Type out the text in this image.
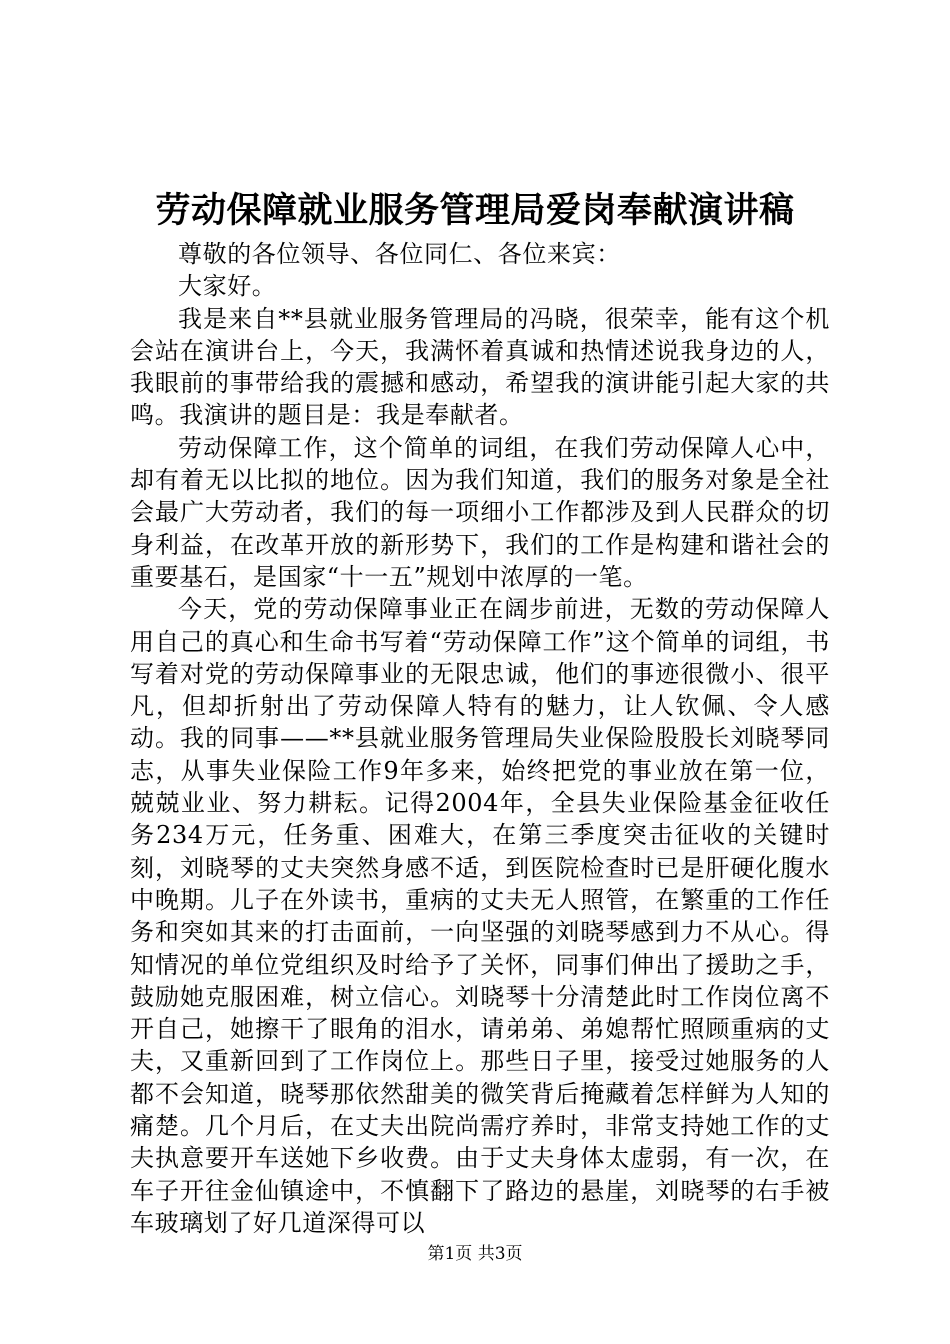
劳动保障就业服务管理局爱岗奉献演讲稿

尊敬的各位领导、各位同仁、各位来宾：

大家好。

我是来自**县就业服务管理局的冯晓，很荣幸，能有这个机会站在演讲台上，今天，我满怀着真诚和热情述说我身边的人，我眼前的事带给我的震撼和感动，希望我的演讲能引起大家的共鸣。我演讲的题目是：我是奉献者。

劳动保障工作，这个简单的词组，在我们劳动保障人心中，却有着无以比拟的地位。因为我们知道，我们的服务对象是全社会最广大劳动者，我们的每一项细小工作都涉及到人民群众的切身利益，在改革开放的新形势下，我们的工作是构建和谐社会的重要基石，是国家“十一五”规划中浓厚的一笔。

今天，党的劳动保障事业正在阔步前进，无数的劳动保障人用自己的真心和生命书写着“劳动保障工作”这个简单的词组，书写着对党的劳动保障事业的无限忠诚，他们的事迹很微小、很平凡，但却折射出了劳动保障人特有的魅力，让人钦佩、令人感动。我的同事——**县就业服务管理局失业保险股股长刘晓琴同志，从事失业保险工作9年多来，始终把党的事业放在第一位，兢兢业业、努力耕耘。记得2004年，全县失业保险基金征收任务234万元，任务重、困难大，在第三季度突击征收的关键时刻，刘晓琴的丈夫突然身感不适，到医院检查时已是肝硬化腹水中晚期。儿子在外读书，重病的丈夫无人照管，在繁重的工作任务和突如其来的打击面前，一向坚强的刘晓琴感到力不从心。得知情况的单位党组织及时给予了关怀，同事们伸出了援助之手，鼓励她克服困难，树立信心。刘晓琴十分清楚此时工作岗位离不开自己，她擦干了眼角的泪水，请弟弟、弟媳帮忙照顾重病的丈夫，又重新回到了工作岗位上。那些日子里，接受过她服务的人都不会知道，晓琴那依然甜美的微笑背后掩藏着怎样鲜为人知的痛楚。几个月后，在丈夫出院尚需疗养时，非常支持她工作的丈夫执意要开车送她下乡收费。由于丈夫身体太虚弱，有一次，在车子开往金仙镇途中，不慎翻下了路边的悬崖，刘晓琴的右手被车玻璃划了好几道深得可以

第1页 共3页
